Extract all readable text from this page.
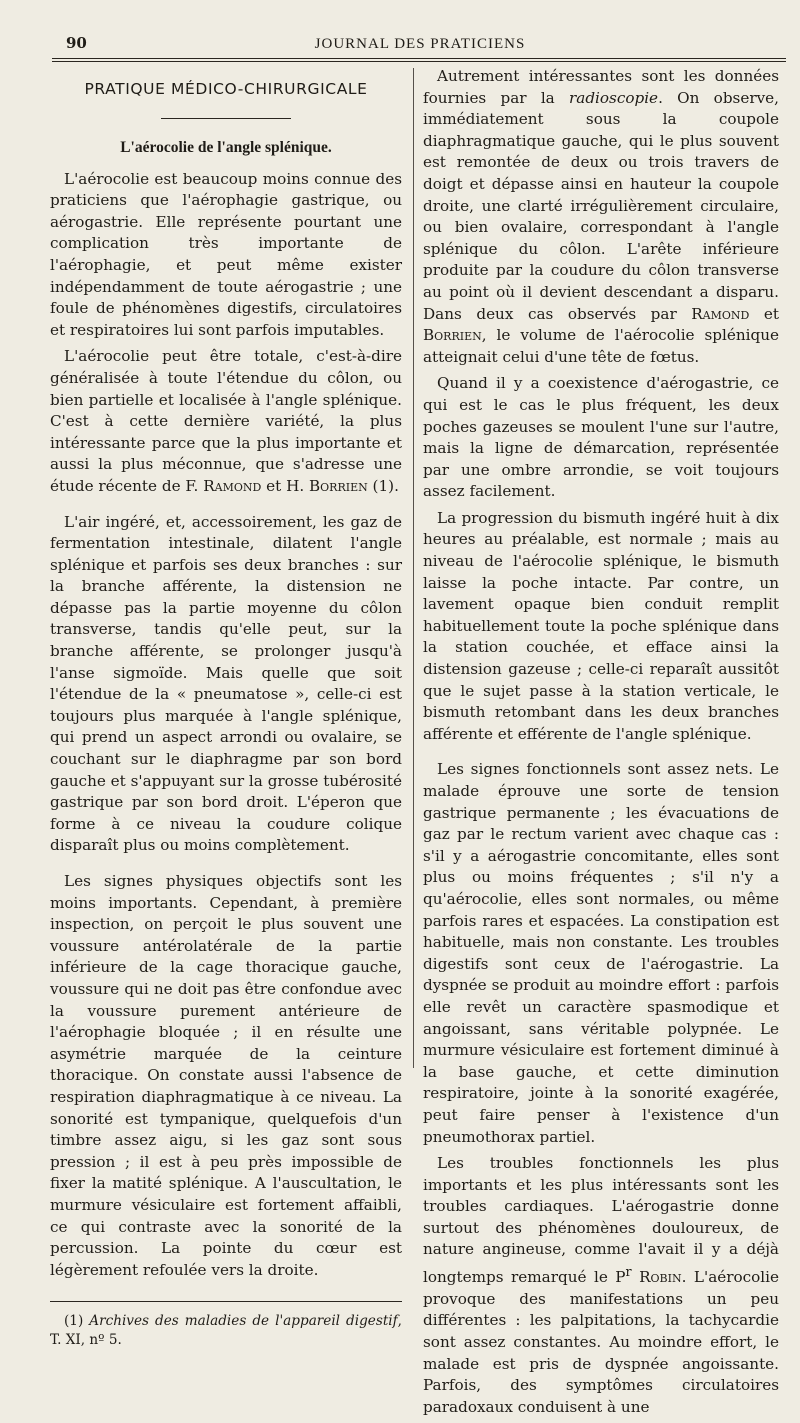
90	JOURNAL DES PRATICIENS
PRATIQUE MÉDICO-CHIRURGICALE
L'aérocolie de l'angle splénique.

L'aérocolie est beaucoup moins connue des praticiens que l'aérophagie gastrique, ou aérogastrie. Elle représente pourtant une complication très importante de l'aérophagie, et peut même exister indépendamment de toute aérogastrie ; une foule de phénomènes digestifs, circulatoires et respiratoires lui sont parfois imputables.

L'aérocolie peut être totale, c'est-à-dire généralisée à toute l'étendue du côlon, ou bien partielle et localisée à l'angle splénique. C'est à cette dernière variété, la plus intéressante parce que la plus importante et aussi la plus méconnue, que s'adresse une étude récente de F. Ramond et H. Borrien (1).

L'air ingéré, et, accessoirement, les gaz de fermentation intestinale, dilatent l'angle splénique et parfois ses deux branches : sur la branche afférente, la distension ne dépasse pas la partie moyenne du côlon transverse, tandis qu'elle peut, sur la branche afférente, se prolonger jusqu'à l'anse sigmoïde. Mais quelle que soit l'étendue de la « pneumatose », celle-ci est toujours plus marquée à l'angle splénique, qui prend un aspect arrondi ou ovalaire, se couchant sur le diaphragme par son bord gauche et s'appuyant sur la grosse tubérosité gastrique par son bord droit. L'éperon que forme à ce niveau la coudure colique disparaît plus ou moins complètement.

Les signes physiques objectifs sont les moins importants. Cependant, à première inspection, on perçoit le plus souvent une voussure antérolatérale de la partie inférieure de la cage thoracique gauche, voussure qui ne doit pas être confondue avec la voussure purement antérieure de l'aérophagie bloquée ; il en résulte une asymétrie marquée de la ceinture thoracique. On constate aussi l'absence de respiration diaphragmatique à ce niveau. La sonorité est tympanique, quelquefois d'un timbre assez aigu, si les gaz sont sous pression ; il est à peu près impossible de fixer la matité splénique. A l'auscultation, le murmure vésiculaire est fortement affaibli, ce qui contraste avec la sonorité de la percussion. La pointe du cœur est légèrement refoulée vers la droite.

(1) Archives des maladies de l'appareil digestif, T. XI, nº 5.

Autrement intéressantes sont les données fournies par la radioscopie. On observe, immédiatement sous la coupole diaphragmatique gauche, qui le plus souvent est remontée de deux ou trois travers de doigt et dépasse ainsi en hauteur la coupole droite, une clarté irrégulièrement circulaire, ou bien ovalaire, correspondant à l'angle splénique du côlon. L'arête inférieure produite par la coudure du côlon transverse au point où il devient descendant a disparu. Dans deux cas observés par Ramond et Borrien, le volume de l'aérocolie splénique atteignait celui d'une tête de fœtus.

Quand il y a coexistence d'aérogastrie, ce qui est le cas le plus fréquent, les deux poches gazeuses se moulent l'une sur l'autre, mais la ligne de démarcation, représentée par une ombre arrondie, se voit toujours assez facilement.

La progression du bismuth ingéré huit à dix heures au préalable, est normale ; mais au niveau de l'aérocolie splénique, le bismuth laisse la poche intacte. Par contre, un lavement opaque bien conduit remplit habituellement toute la poche splénique dans la station couchée, et efface ainsi la distension gazeuse ; celle-ci reparaît aussitôt que le sujet passe à la station verticale, le bismuth retombant dans les deux branches afférente et efférente de l'angle splénique.

Les signes fonctionnels sont assez nets. Le malade éprouve une sorte de tension gastrique permanente ; les évacuations de gaz par le rectum varient avec chaque cas : s'il y a aérogastrie concomitante, elles sont plus ou moins fréquentes ; s'il n'y a qu'aérocolie, elles sont normales, ou même parfois rares et espacées. La constipation est habituelle, mais non constante. Les troubles digestifs sont ceux de l'aérogastrie. La dyspnée se produit au moindre effort : parfois elle revêt un caractère spasmodique et angoissant, sans véritable polypnée. Le murmure vésiculaire est fortement diminué à la base gauche, et cette diminution respiratoire, jointe à la sonorité exagérée, peut faire penser à l'existence d'un pneumothorax partiel.

Les troubles fonctionnels les plus importants et les plus intéressants sont les troubles cardiaques. L'aérogastrie donne surtout des phénomènes douloureux, de nature angineuse, comme l'avait il y a déjà longtemps remarqué le $P^r$ Robin. L'aérocolie provoque des manifestations un peu différentes : les palpitations, la tachycardie sont assez constantes. Au moindre effort, le malade est pris de dyspnée angoissante. Parfois, des symptômes circulatoires paradoxaux conduisent à une
